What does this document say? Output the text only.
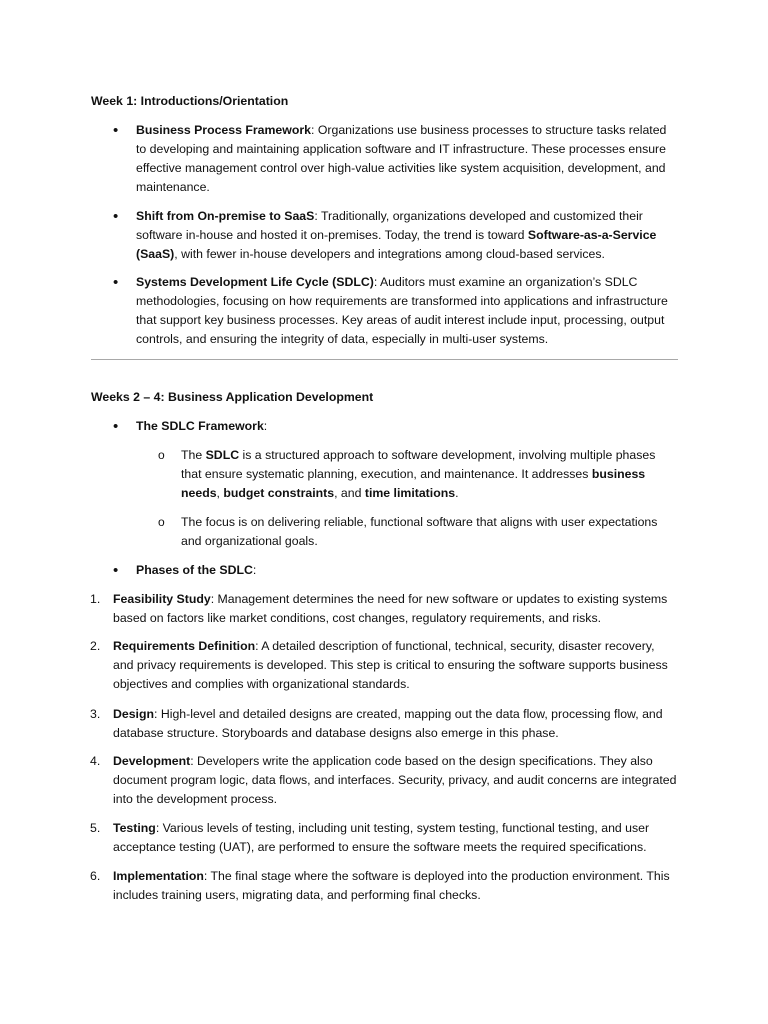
Week 1: Introductions/Orientation
• Business Process Framework: Organizations use business processes to structure tasks related to developing and maintaining application software and IT infrastructure. These processes ensure effective management control over high-value activities like system acquisition, development, and maintenance.
• Shift from On-premise to SaaS: Traditionally, organizations developed and customized their software in-house and hosted it on-premises. Today, the trend is toward Software-as-a-Service (SaaS), with fewer in-house developers and integrations among cloud-based services.
• Systems Development Life Cycle (SDLC): Auditors must examine an organization’s SDLC methodologies, focusing on how requirements are transformed into applications and infrastructure that support key business processes. Key areas of audit interest include input, processing, output controls, and ensuring the integrity of data, especially in multi-user systems.
Weeks 2 – 4: Business Application Development
• The SDLC Framework:
o The SDLC is a structured approach to software development, involving multiple phases that ensure systematic planning, execution, and maintenance. It addresses business needs, budget constraints, and time limitations.
o The focus is on delivering reliable, functional software that aligns with user expectations and organizational goals.
• Phases of the SDLC:
1. Feasibility Study: Management determines the need for new software or updates to existing systems based on factors like market conditions, cost changes, regulatory requirements, and risks.
2. Requirements Definition: A detailed description of functional, technical, security, disaster recovery, and privacy requirements is developed. This step is critical to ensuring the software supports business objectives and complies with organizational standards.
3. Design: High-level and detailed designs are created, mapping out the data flow, processing flow, and database structure. Storyboards and database designs also emerge in this phase.
4. Development: Developers write the application code based on the design specifications. They also document program logic, data flows, and interfaces. Security, privacy, and audit concerns are integrated into the development process.
5. Testing: Various levels of testing, including unit testing, system testing, functional testing, and user acceptance testing (UAT), are performed to ensure the software meets the required specifications.
6. Implementation: The final stage where the software is deployed into the production environment. This includes training users, migrating data, and performing final checks.
